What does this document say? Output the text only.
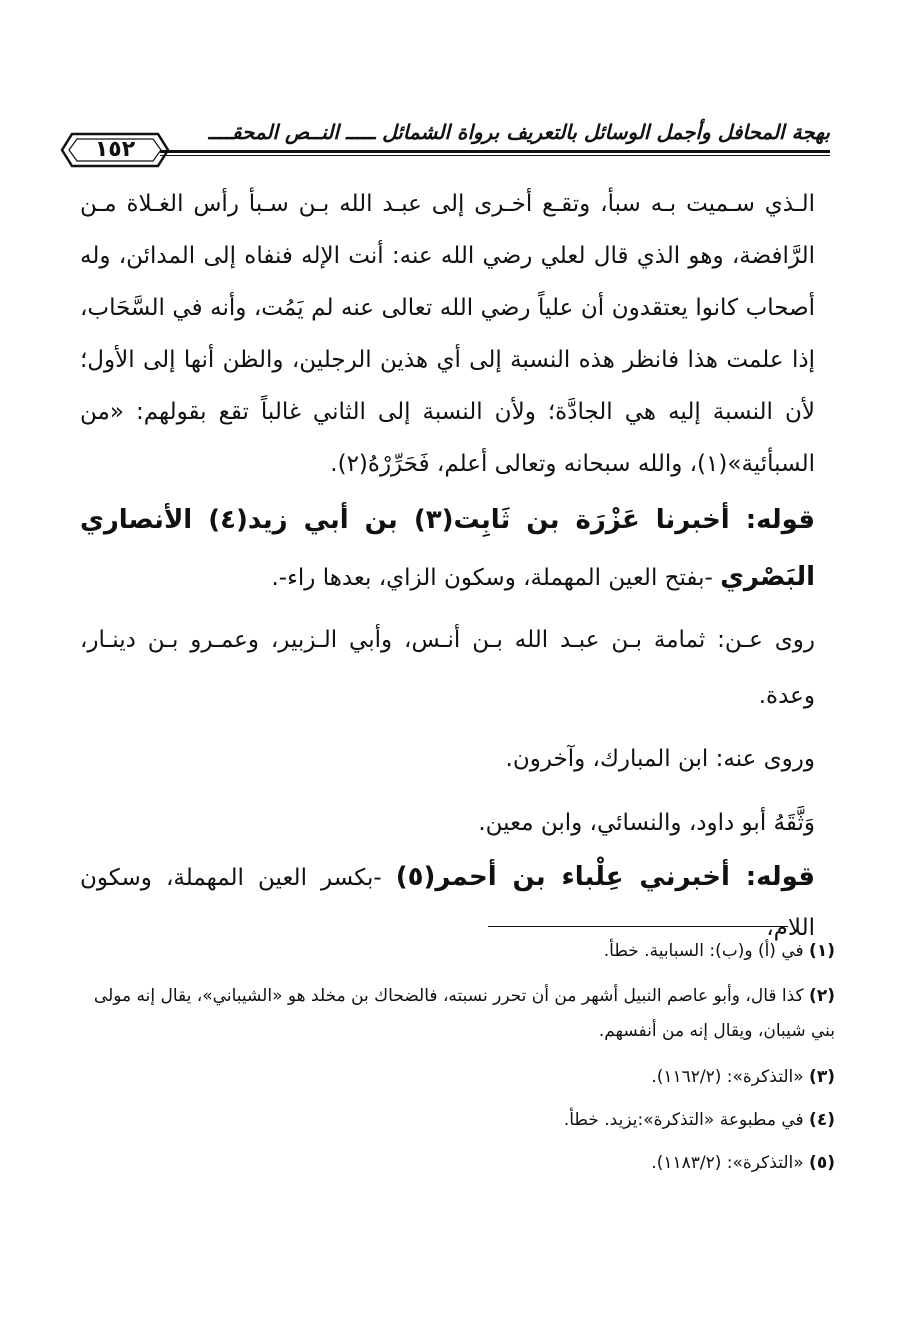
١٥٢
بهجة المحافل وأجمل الوسائل بالتعريف برواة الشمائل ـــــ النــص المحقــــ
الـذي سـميت بـه سبأ، وتقـع أخـرى إلى عبـد الله بـن سـبأ رأس الغـلاة مـن الرَّافضة، وهو الذي قال لعلي رضي الله عنه: أنت الإله فنفاه إلى المدائن، وله أصحاب كانوا يعتقدون أن علياً رضي الله تعالى عنه لم يَمُت، وأنه في السَّحَاب، إذا علمت هذا فانظر هذه النسبة إلى أي هذين الرجلين، والظن أنها إلى الأول؛ لأن النسبة إليه هي الجادَّة؛ ولأن النسبة إلى الثاني غالباً تقع بقولهم: «من السبأئية»(١)، والله سبحانه وتعالى أعلم، فَحَرِّرْهُ(٢).
قوله: أخبرنا عَزْرَة بن ثَابِت(٣) بن أبي زيد(٤) الأنصاري البَصْري -بفتح العين المهملة، وسكون الزاي، بعدها راء-.
روى عـن: ثمامة بـن عبـد الله بـن أنـس، وأبي الـزبير، وعمـرو بـن دينـار، وعدة.
وروى عنه: ابن المبارك، وآخرون.
وَثَّقَهُ أبو داود، والنسائي، وابن معين.
قوله: أخبرني عِلْباء بن أحمر(٥) -بكسر العين المهملة، وسكون اللام،
(١) في (أ) و(ب): السبابية. خطأ.
(٢) كذا قال، وأبو عاصم النبيل أشهر من أن تحرر نسبته، فالضحاك بن مخلد هو «الشيباني»، يقال إنه مولى بني شيبان، ويقال إنه من أنفسهم.
(٣) «التذكرة»: (١١٦٢/٢).
(٤) في مطبوعة «التذكرة»:يزيد. خطأ.
(٥) «التذكرة»: (١١٨٣/٢).
